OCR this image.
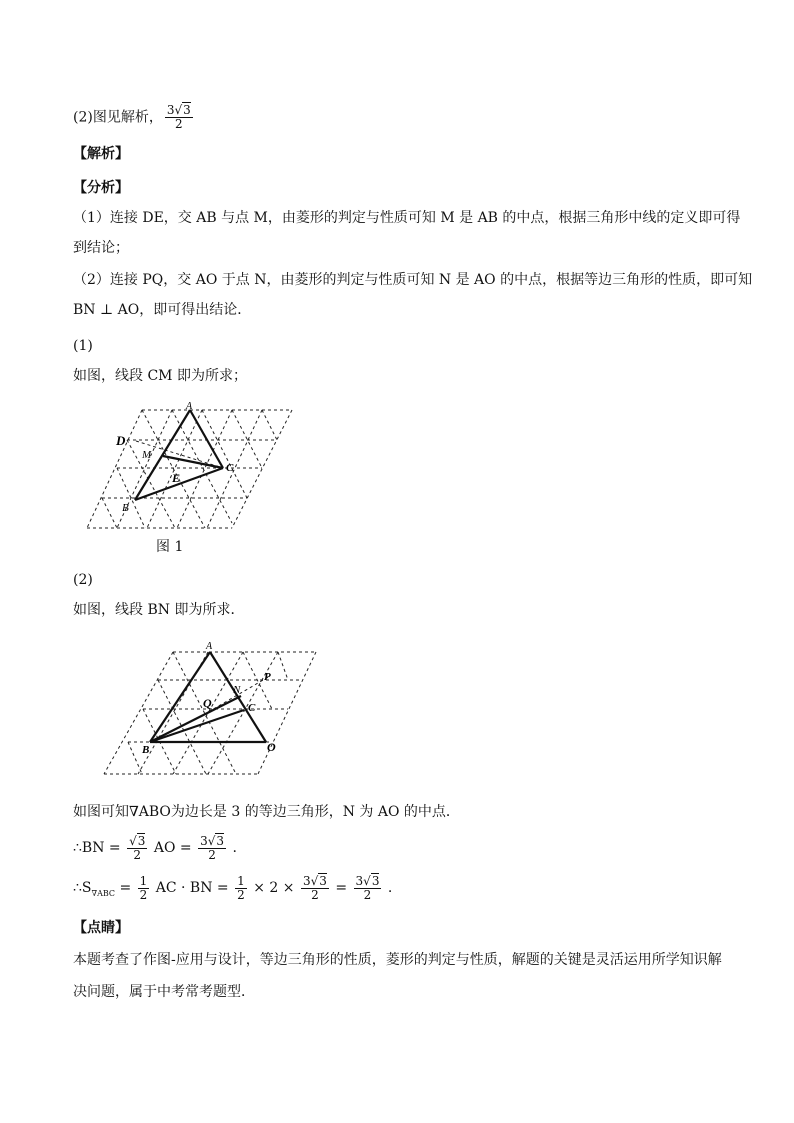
(2)图见解析， $\frac{3√3}{2}$
【解析】
【分析】
（1）连接 DE，交 AB 与点 M，由菱形的判定与性质可知 M 是 AB 的中点，根据三角形中线的定义即可得
到结论；
（2）连接 PQ，交 AO 于点 N，由菱形的判定与性质可知 N 是 AO 的中点，根据等边三角形的性质，即可知
BN ⊥ AO，即可得出结论．
(1)
如图，线段 CM 即为所求；
A
D
M
C
E
B
图 1
(2)
如图，线段 BN 即为所求．
A
N
P
Q	C
B	O
如图可知∇ABO为边长是 3 的等边三角形，N 为 AO 的中点．
∴BN = $\frac{√3}{2}$ AO = $\frac{3√3}{2}$ .
$\therefore S_{\nabla ABC} = \frac{1}{2}$ AC · BN = $\frac{1}{2} \times 2 \times \frac{3√3}{2} = \frac{3√3}{2}$ .
【点睛】
本题考查了作图-应用与设计，等边三角形的性质，菱形的判定与性质，解题的关键是灵活运用所学知识解
决问题，属于中考常考题型．
